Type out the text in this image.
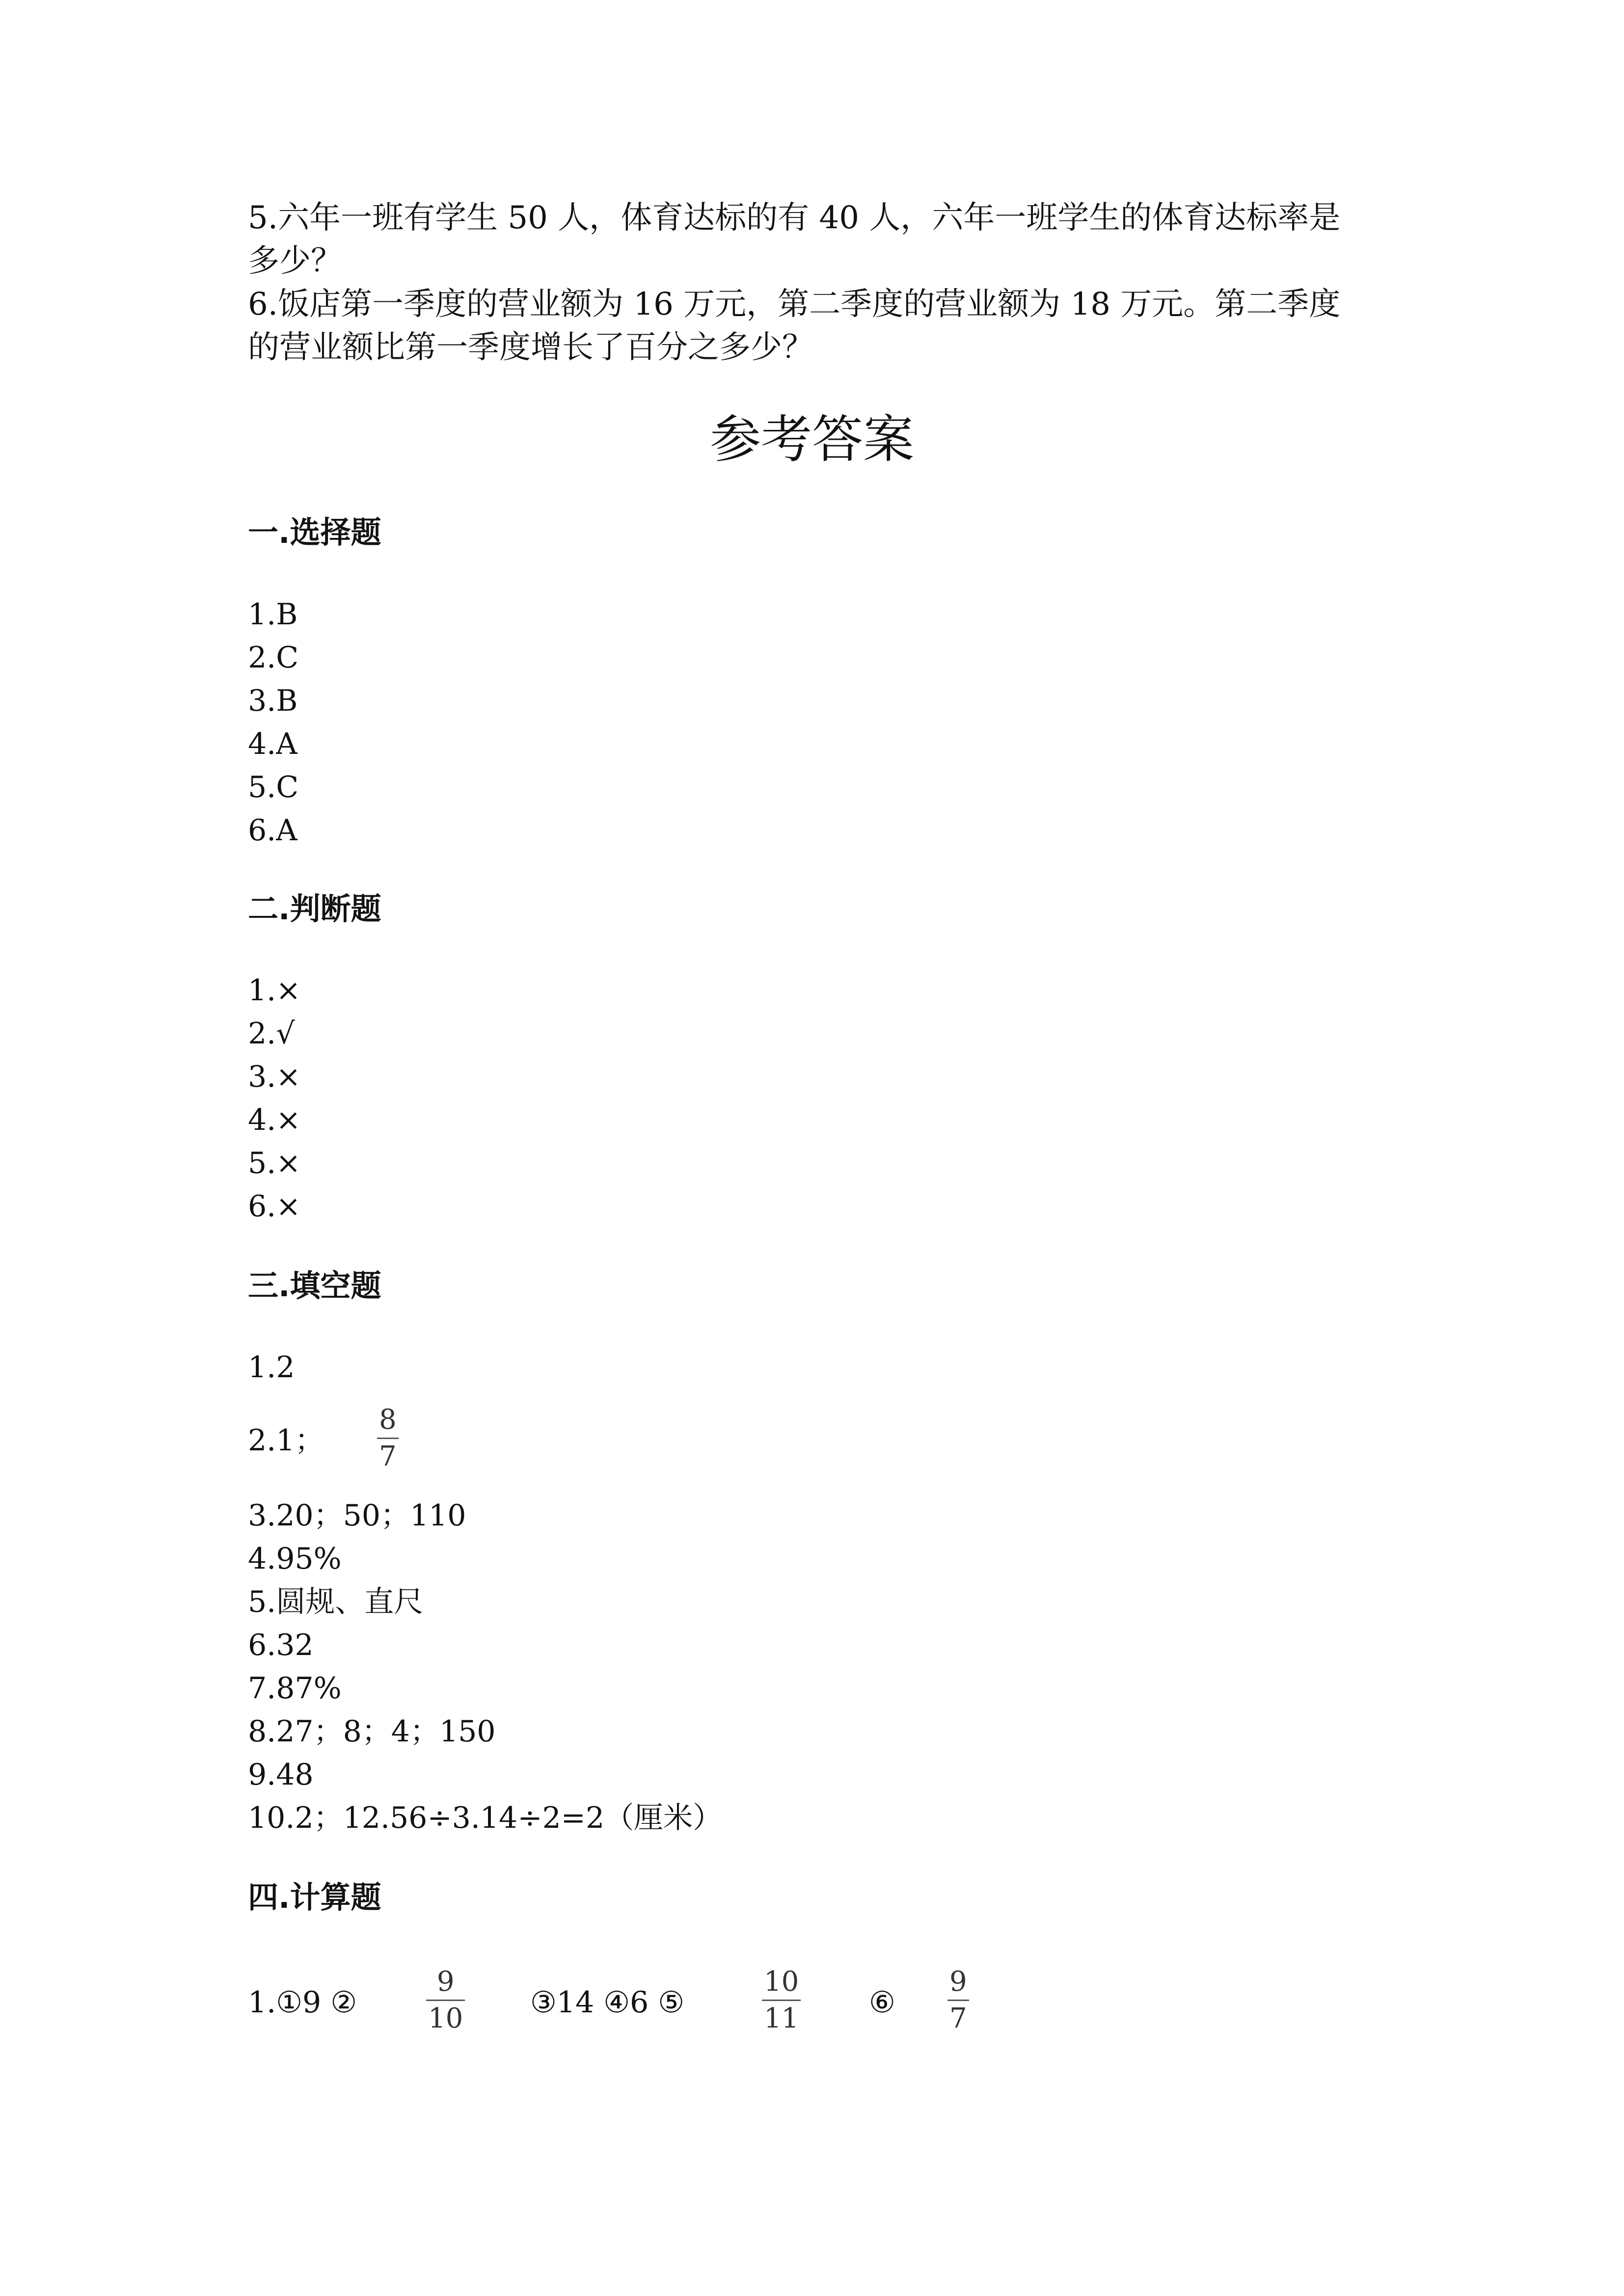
5.六年一班有学生 50 人，体育达标的有 40 人，六年一班学生的体育达标率是
多少？
6.饭店第一季度的营业额为 16 万元，第二季度的营业额为 18 万元。第二季度
的营业额比第一季度增长了百分之多少？
参考答案
一.选择题
1.B
2.C
3.B
4.A
5.C
6.A
二.判断题
1.×
2.√
3.×
4.×
5.×
6.×
三.填空题
1.2
2.1；
8
7
3.20；50；110
4.95%
5.圆规、直尺
6.32
7.87%
8.27；8；4；150
9.48
10.2；12.56÷3.14÷2=2（厘米）
四.计算题
1.①9 ②
9
10 ③14 ④6 ⑤
10
11 ⑥
9
7
